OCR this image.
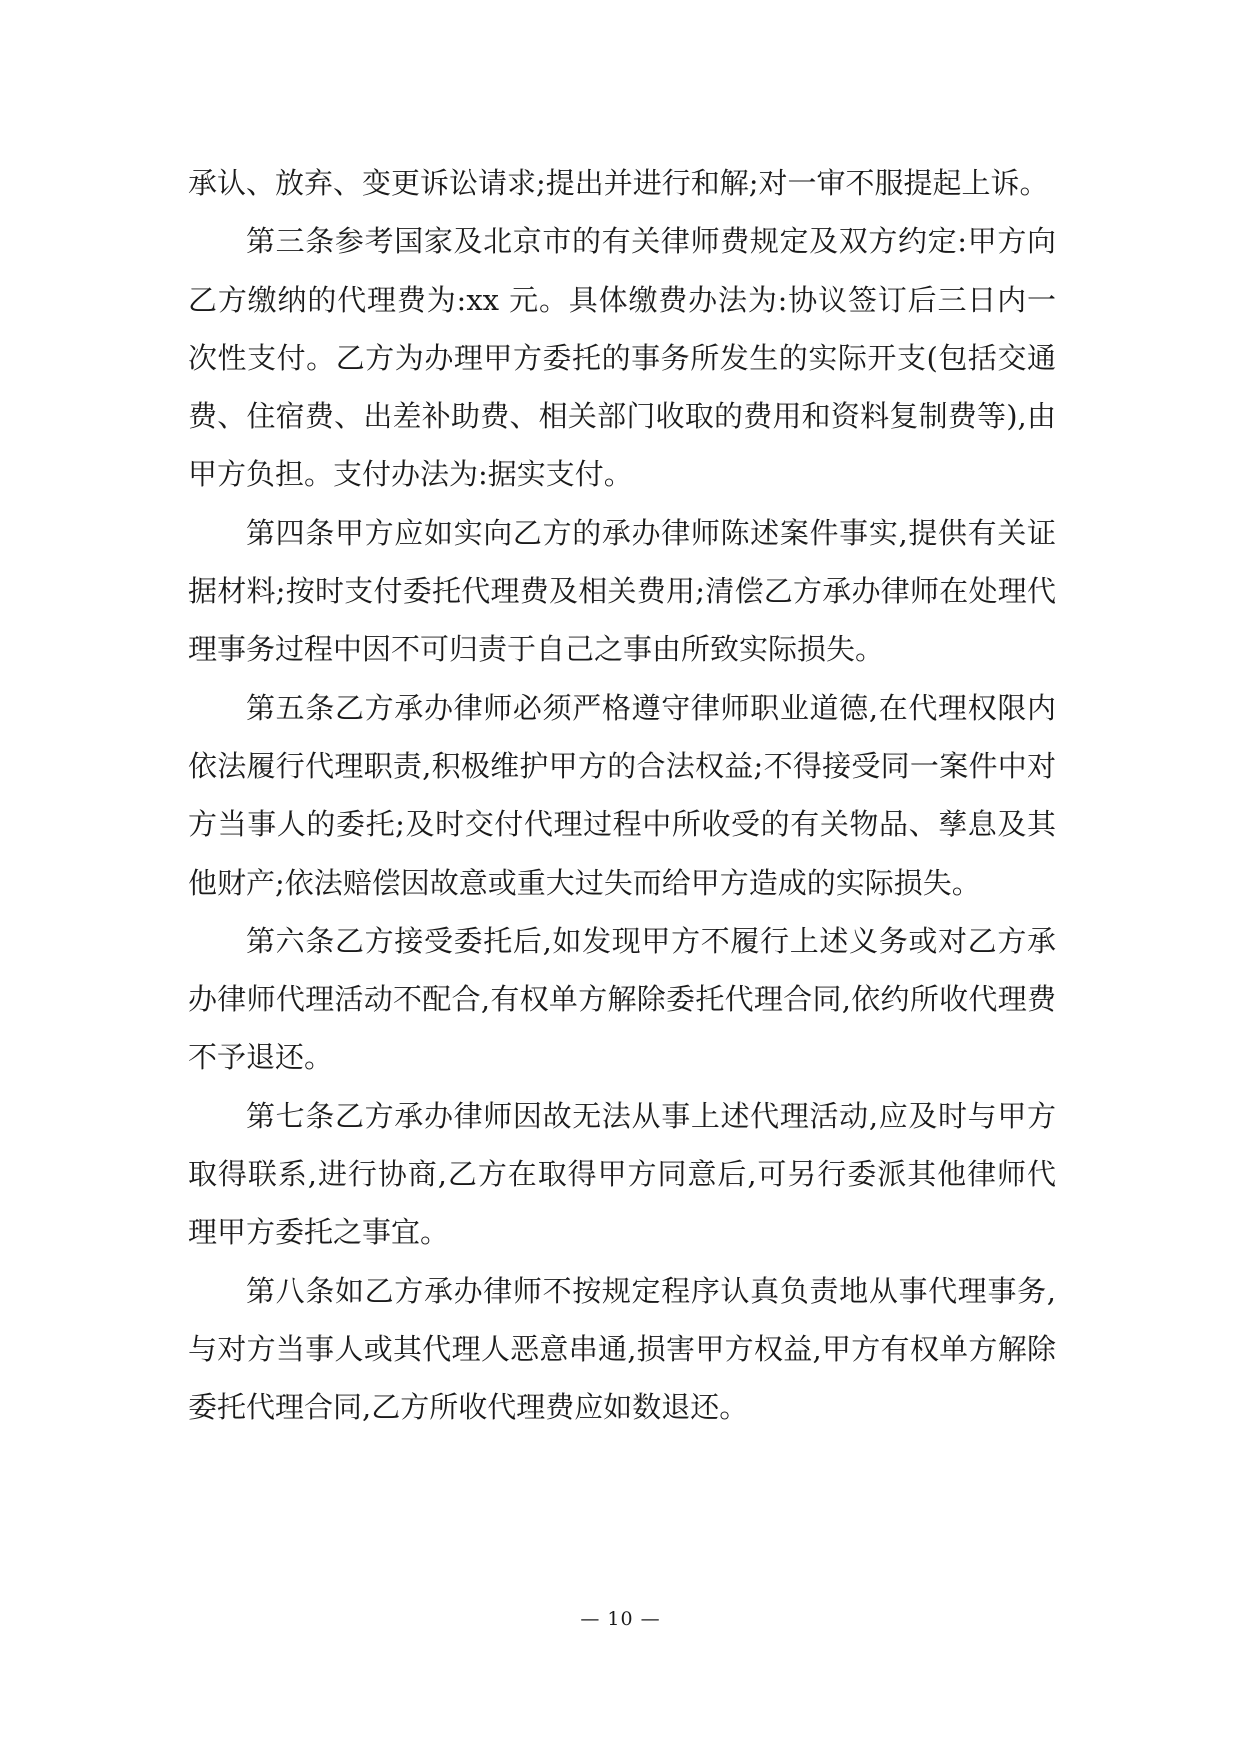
承认、放弃、变更诉讼请求;提出并进行和解;对一审不服提起上诉。

第三条参考国家及北京市的有关律师费规定及双方约定:甲方向乙方缴纳的代理费为:xx 元。具体缴费办法为:协议签订后三日内一次性支付。乙方为办理甲方委托的事务所发生的实际开支(包括交通费、住宿费、出差补助费、相关部门收取的费用和资料复制费等),由甲方负担。支付办法为:据实支付。

第四条甲方应如实向乙方的承办律师陈述案件事实,提供有关证据材料;按时支付委托代理费及相关费用;清偿乙方承办律师在处理代理事务过程中因不可归责于自己之事由所致实际损失。

第五条乙方承办律师必须严格遵守律师职业道德,在代理权限内依法履行代理职责,积极维护甲方的合法权益;不得接受同一案件中对方当事人的委托;及时交付代理过程中所收受的有关物品、孳息及其他财产;依法赔偿因故意或重大过失而给甲方造成的实际损失。

第六条乙方接受委托后,如发现甲方不履行上述义务或对乙方承办律师代理活动不配合,有权单方解除委托代理合同,依约所收代理费不予退还。

第七条乙方承办律师因故无法从事上述代理活动,应及时与甲方取得联系,进行协商,乙方在取得甲方同意后,可另行委派其他律师代理甲方委托之事宜。

第八条如乙方承办律师不按规定程序认真负责地从事代理事务,与对方当事人或其代理人恶意串通,损害甲方权益,甲方有权单方解除委托代理合同,乙方所收代理费应如数退还。

— 10 —
